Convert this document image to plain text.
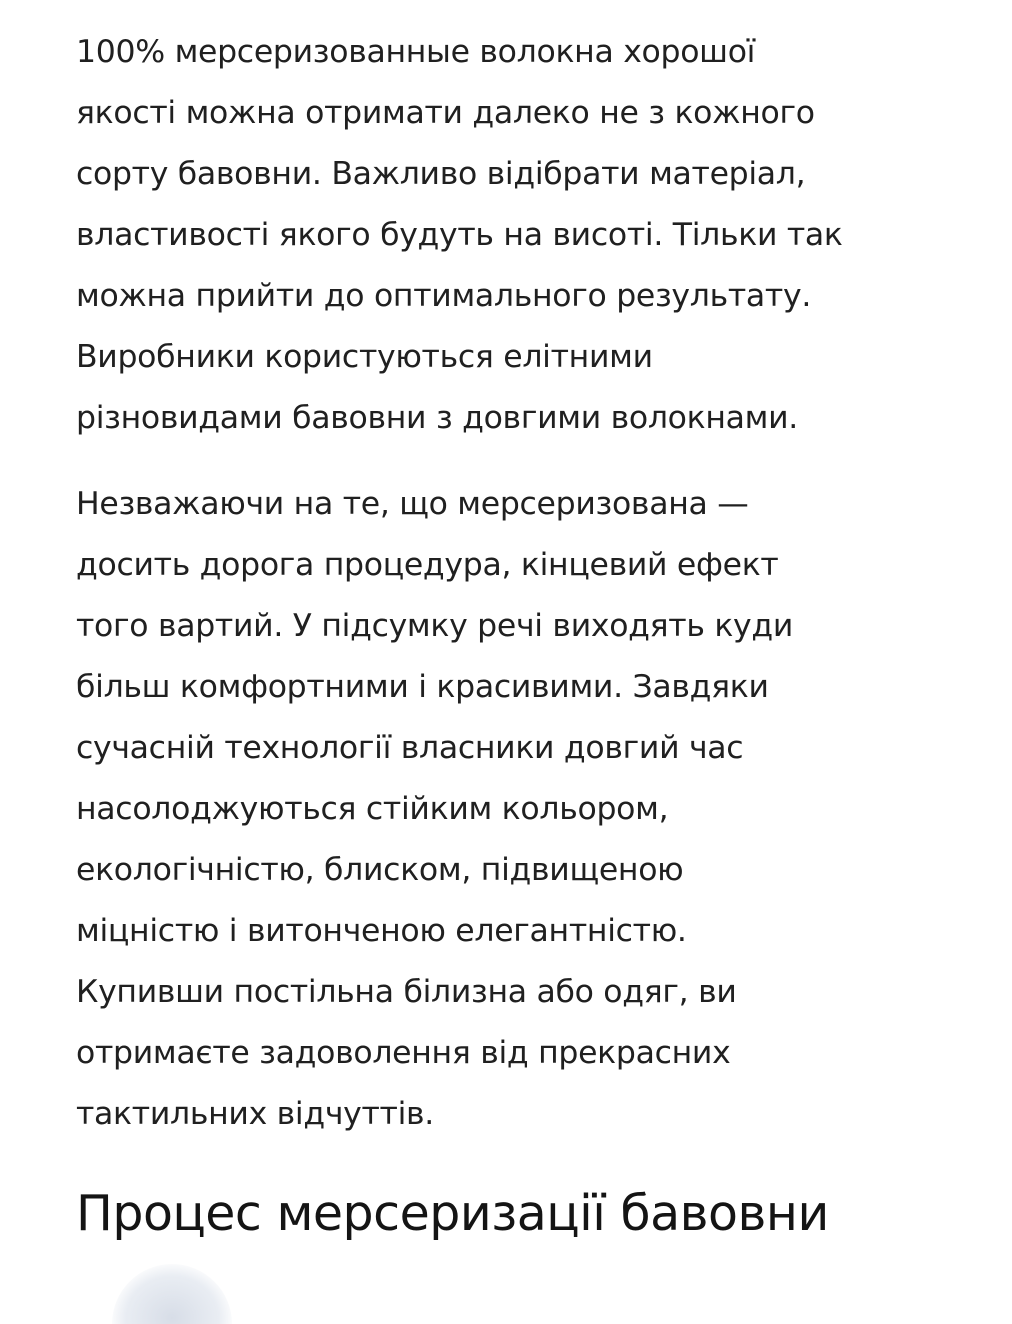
100% мерсеризованные волокна хорошої
якості можна отримати далеко не з кожного
сорту бавовни. Важливо відібрати матеріал,
властивості якого будуть на висоті. Тільки так
можна прийти до оптимального результату.
Виробники користуються елітними
різновидами бавовни з довгими волокнами.

Незважаючи на те, що мерсеризована —
досить дорога процедура, кінцевий ефект
того вартий. У підсумку речі виходять куди
більш комфортними і красивими. Завдяки
сучасній технології власники довгий час
насолоджуються стійким кольором,
екологічністю, блиском, підвищеною
міцністю і витонченою елегантністю.
Купивши постільна білизна або одяг, ви
отримаєте задоволення від прекрасних
тактильних відчуттів.

Процес мерсеризації бавовни
